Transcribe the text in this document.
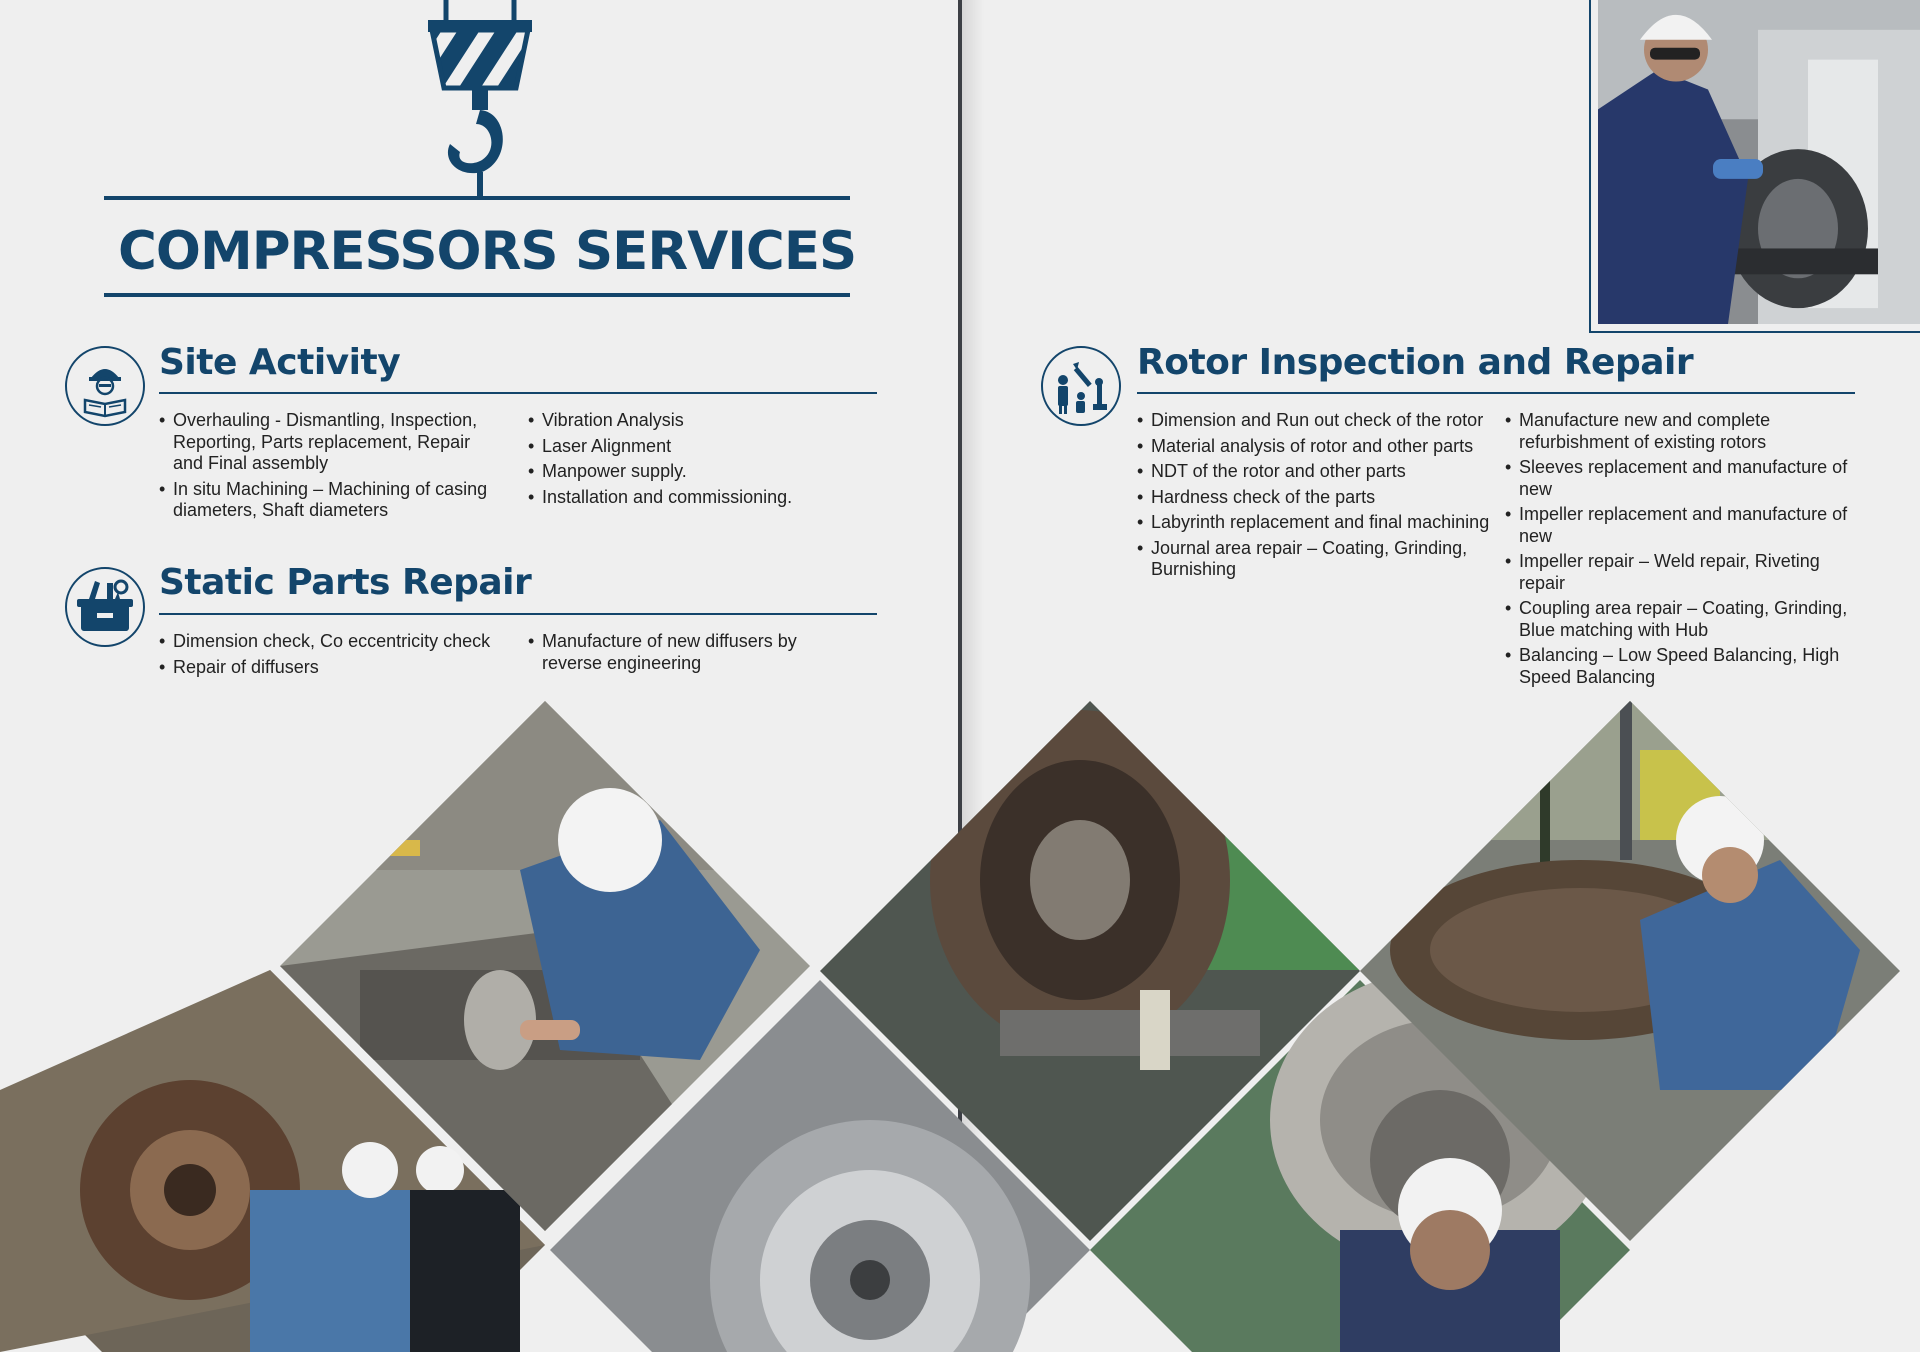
COMPRESSORS SERVICES
Site Activity
• Overhauling - Dismantling, Inspection, Reporting, Parts replacement, Repair and Final assembly
• In situ Machining – Machining of casing diameters, Shaft diameters
• Vibration Analysis
• Laser Alignment
• Manpower supply.
• Installation and commissioning.
Static Parts Repair
• Dimension check, Co eccentricity check
• Repair of diffusers
• Manufacture of new diffusers by reverse engineering
Rotor Inspection and Repair
• Dimension and Run out check of the rotor
• Material analysis of rotor and other parts
• NDT of the rotor and other parts
• Hardness check of the parts
• Labyrinth replacement and final machining
• Journal area repair – Coating, Grinding, Burnishing
• Manufacture new and complete refurbishment of existing rotors
• Sleeves replacement and manufacture of new
• Impeller replacement and manufacture of new
• Impeller repair – Weld repair, Riveting repair
• Coupling area repair – Coating, Grinding, Blue matching with Hub
• Balancing – Low Speed Balancing, High Speed Balancing
